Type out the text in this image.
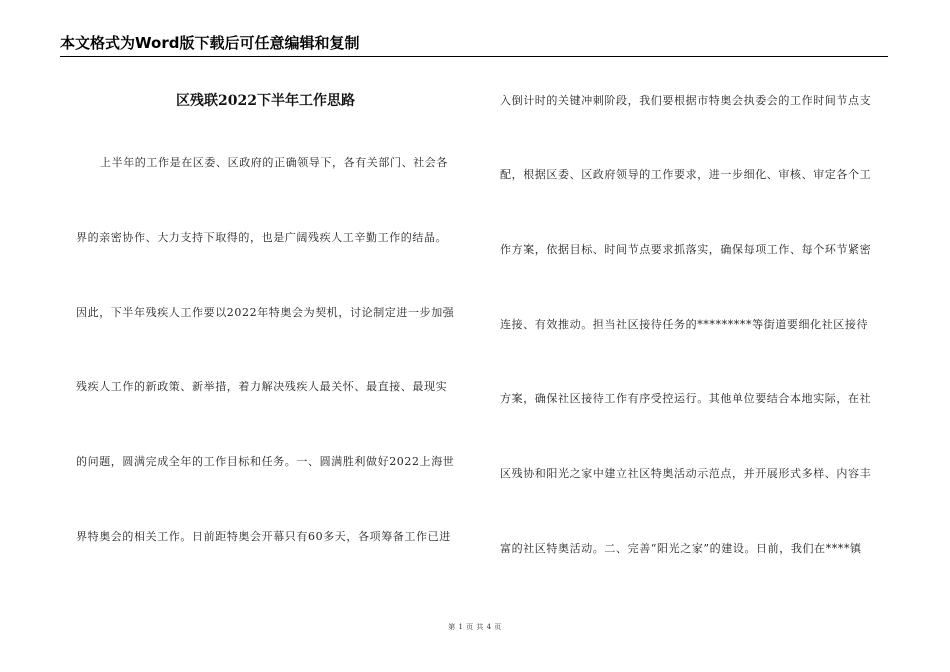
本文格式为Word版下载后可任意编辑和复制
区残联2022下半年工作思路
上半年的工作是在区委、区政府的正确领导下，各有关部门、社会各
界的亲密协作、大力支持下取得的，也是广阔残疾人工辛勤工作的结晶。
因此，下半年残疾人工作要以2022年特奥会为契机，讨论制定进一步加强
残疾人工作的新政策、新举措，着力解决残疾人最关怀、最直接、最现实
的问题，圆满完成全年的工作目标和任务。一、圆满胜利做好2022上海世
界特奥会的相关工作。日前距特奥会开幕只有60多天，各项筹备工作已进
入倒计时的关键冲刺阶段，我们要根据市特奥会执委会的工作时间节点支
配，根据区委、区政府领导的工作要求，进一步细化、审核、审定各个工
作方案，依据目标、时间节点要求抓落实，确保每项工作、每个环节紧密
连接、有效推动。担当社区接待任务的*********等街道要细化社区接待
方案，确保社区接待工作有序受控运行。其他单位要结合本地实际，在社
区残协和阳光之家中建立社区特奥活动示范点，并开展形式多样、内容丰
富的社区特奥活动。二、完善“阳光之家”的建设。日前，我们在****镇
第 1 页 共 4 页
